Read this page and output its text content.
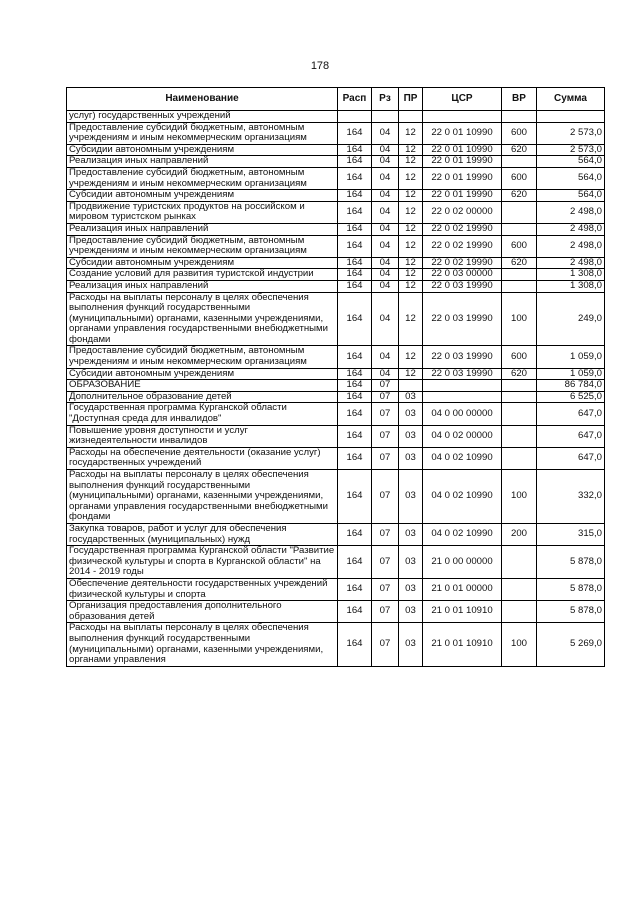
178
Наименование	Расп	Рз	ПР	ЦСР	ВР	Сумма
услуг) государственных учреждений						
Предоставление субсидий бюджетным, автономным учреждениям и иным некоммерческим организациям	164	04	12	22 0 01 10990	600	2 573,0
Субсидии автономным учреждениям	164	04	12	22 0 01 10990	620	2 573,0
Реализация иных направлений	164	04	12	22 0 01 19990		564,0
Предоставление субсидий бюджетным, автономным учреждениям и иным некоммерческим организациям	164	04	12	22 0 01 19990	600	564,0
Субсидии автономным учреждениям	164	04	12	22 0 01 19990	620	564,0
Продвижение туристских продуктов на российском и мировом туристском рынках	164	04	12	22 0 02 00000		2 498,0
Реализация иных направлений	164	04	12	22 0 02 19990		2 498,0
Предоставление субсидий бюджетным, автономным учреждениям и иным некоммерческим организациям	164	04	12	22 0 02 19990	600	2 498,0
Субсидии автономным учреждениям	164	04	12	22 0 02 19990	620	2 498,0
Создание условий для развития туристской индустрии	164	04	12	22 0 03 00000		1 308,0
Реализация иных направлений	164	04	12	22 0 03 19990		1 308,0
Расходы на выплаты персоналу в целях обеспечения выполнения функций государственными (муниципальными) органами, казенными учреждениями, органами управления государственными внебюджетными фондами	164	04	12	22 0 03 19990	100	249,0
Предоставление субсидий бюджетным, автономным учреждениям и иным некоммерческим организациям	164	04	12	22 0 03 19990	600	1 059,0
Субсидии автономным учреждениям	164	04	12	22 0 03 19990	620	1 059,0
ОБРАЗОВАНИЕ	164	07				86 784,0
Дополнительное образование детей	164	07	03			6 525,0
Государственная программа Курганской области "Доступная среда для инвалидов"	164	07	03	04 0 00 00000		647,0
Повышение уровня доступности и услуг жизнедеятельности инвалидов	164	07	03	04 0 02 00000		647,0
Расходы на обеспечение деятельности (оказание услуг) государственных учреждений	164	07	03	04 0 02 10990		647,0
Расходы на выплаты персоналу в целях обеспечения выполнения функций государственными (муниципальными) органами, казенными учреждениями, органами управления государственными внебюджетными фондами	164	07	03	04 0 02 10990	100	332,0
Закупка товаров, работ и услуг для обеспечения государственных (муниципальных) нужд	164	07	03	04 0 02 10990	200	315,0
Государственная программа Курганской области "Развитие физической культуры и спорта в Курганской области" на 2014 - 2019 годы	164	07	03	21 0 00 00000		5 878,0
Обеспечение деятельности государственных учреждений физической культуры и спорта	164	07	03	21 0 01 00000		5 878,0
Организация предоставления дополнительного образования детей	164	07	03	21 0 01 10910		5 878,0
Расходы на выплаты персоналу в целях обеспечения выполнения функций государственными (муниципальными) органами, казенными учреждениями, органами управления	164	07	03	21 0 01 10910	100	5 269,0
